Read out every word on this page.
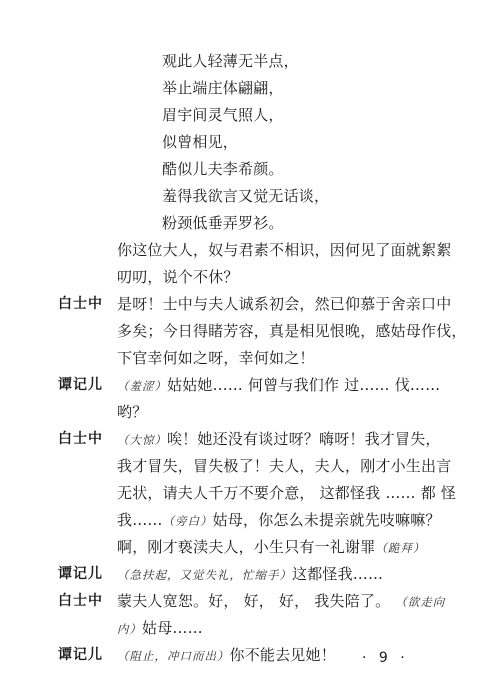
观此人轻薄无半点，
举止端庄体翩翩，
眉宇间灵气照人，
似曾相见，
酷似儿夫李希颜。
羞得我欲言又觉无话谈，
粉颈低垂弄罗衫。
你这位大人，奴与君素不相识，因何见了面就絮絮
叨叨，说个不休？
白士中 是呀！士中与夫人诚系初会，然已仰慕于舍亲口中
多矣；今日得睹芳容，真是相见恨晚，感姑母作伐，
下官幸何如之呀，幸何如之！
谭记儿 （羞涩）姑姑她…… 何曾与我们作 过…… 伐……
哟？
白士中 （大惊）唉！她还没有谈过呀？嗨呀！我才冒失，
我才冒失，冒失极了！夫人，夫人，刚才小生出言
无状，请夫人千万不要介意， 这都怪我 …… 都 怪
我……（旁白）姑母，你怎么未提亲就先吱嘛嘛？
啊，刚才亵渎夫人，小生只有一礼谢罪（跪拜）
谭记儿 （急扶起，又觉失礼，忙缩手）这都怪我……
白士中 蒙夫人宽恕。好， 好， 好， 我失陪了。 （欲走向
内）姑母……
谭记儿 （阻止，冲口而出）你不能去见她！ · 9 ·
